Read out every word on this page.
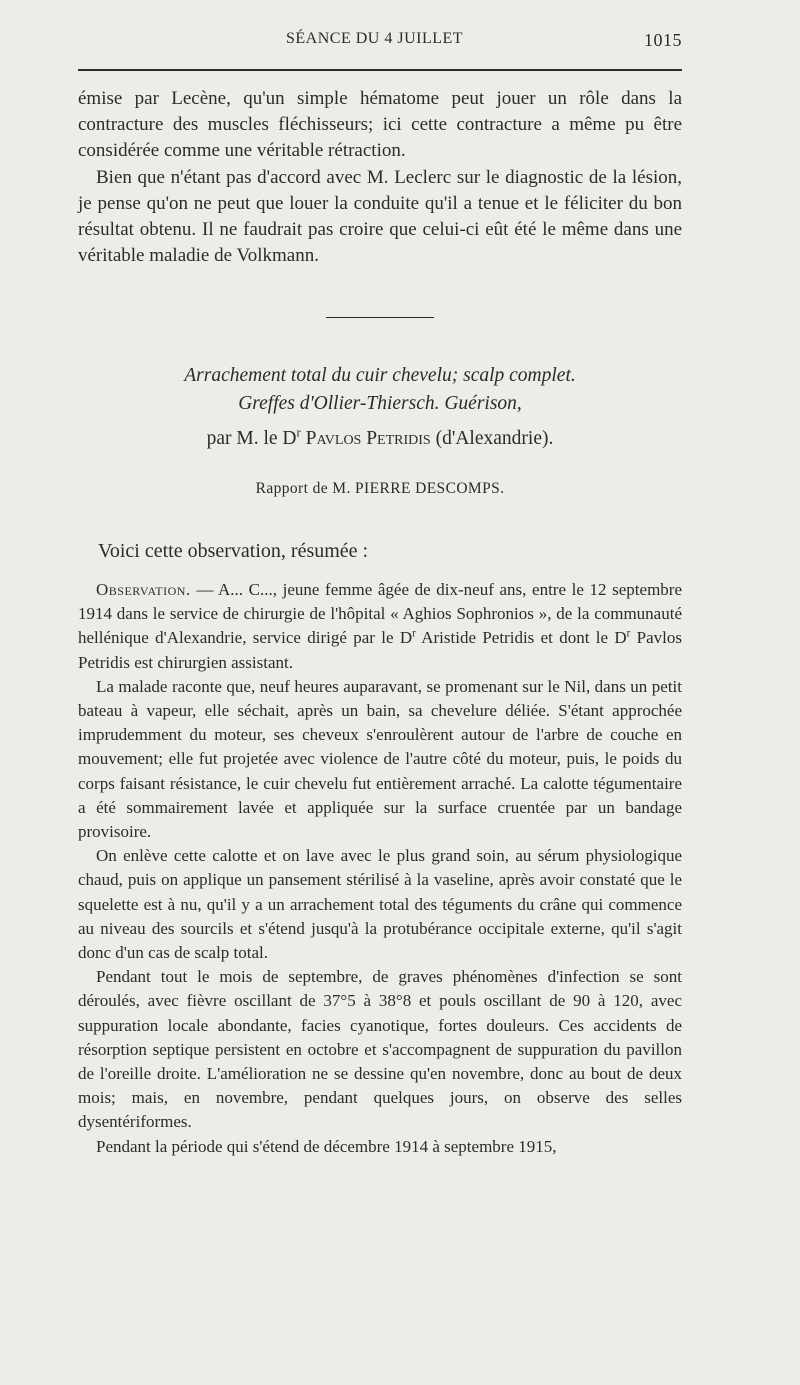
SÉANCE DU 4 JUILLET	1015

émise par Lecène, qu'un simple hématome peut jouer un rôle dans la contracture des muscles fléchisseurs; ici cette contracture a même pu être considérée comme une véritable rétraction.

Bien que n'étant pas d'accord avec M. Leclerc sur le diagnostic de la lésion, je pense qu'on ne peut que louer la conduite qu'il a tenue et le féliciter du bon résultat obtenu. Il ne faudrait pas croire que celui-ci eût été le même dans une véritable maladie de Volkmann.

Arrachement total du cuir chevelu; scalp complet.
Greffes d'Ollier-Thiersch. Guérison,
par M. le $D^r$ Pavlos Petridis (d'Alexandrie).
Rapport de M. PIERRE DESCOMPS.
Voici cette observation, résumée :

Observation. — A... C..., jeune femme âgée de dix-neuf ans, entre le 12 septembre 1914 dans le service de chirurgie de l'hôpital « Aghios Sophronios », de la communauté hellénique d'Alexandrie, service dirigé par le $D^r$ Aristide Petridis et dont le $D^r$ Pavlos Petridis est chirurgien assistant.

La malade raconte que, neuf heures auparavant, se promenant sur le Nil, dans un petit bateau à vapeur, elle séchait, après un bain, sa chevelure déliée. S'étant approchée imprudemment du moteur, ses cheveux s'enroulèrent autour de l'arbre de couche en mouvement; elle fut projetée avec violence de l'autre côté du moteur, puis, le poids du corps faisant résistance, le cuir chevelu fut entièrement arraché. La calotte tégumentaire a été sommairement lavée et appliquée sur la surface cruentée par un bandage provisoire.

On enlève cette calotte et on lave avec le plus grand soin, au sérum physiologique chaud, puis on applique un pansement stérilisé à la vaseline, après avoir constaté que le squelette est à nu, qu'il y a un arrachement total des téguments du crâne qui commence au niveau des sourcils et s'étend jusqu'à la protubérance occipitale externe, qu'il s'agit donc d'un cas de scalp total.

Pendant tout le mois de septembre, de graves phénomènes d'infection se sont déroulés, avec fièvre oscillant de 37°5 à 38°8 et pouls oscillant de 90 à 120, avec suppuration locale abondante, facies cyanotique, fortes douleurs. Ces accidents de résorption septique persistent en octobre et s'accompagnent de suppuration du pavillon de l'oreille droite. L'amélioration ne se dessine qu'en novembre, donc au bout de deux mois; mais, en novembre, pendant quelques jours, on observe des selles dysentériformes.

Pendant la période qui s'étend de décembre 1914 à septembre 1915,
